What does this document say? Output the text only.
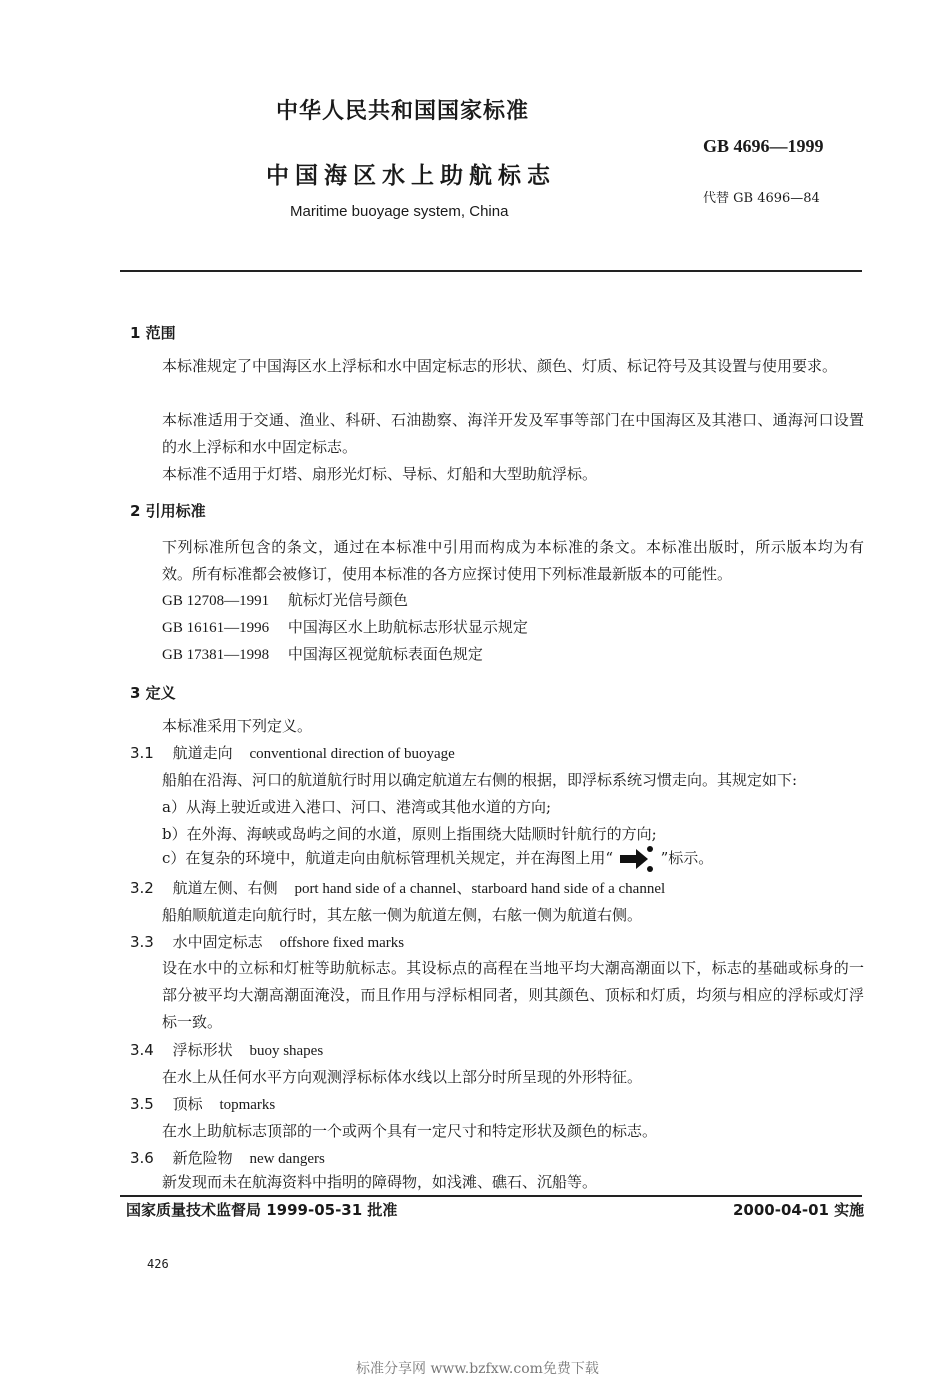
中华人民共和国国家标准
GB 4696—1999
中国海区水上助航标志
代替 GB 4696—84
Maritime buoyage system, China
1 范围
本标准规定了中国海区水上浮标和水中固定标志的形状、颜色、灯质、标记符号及其设置与使用要求。
本标准适用于交通、渔业、科研、石油勘察、海洋开发及军事等部门在中国海区及其港口、通海河口设置的水上浮标和水中固定标志。
本标准不适用于灯塔、扇形光灯标、导标、灯船和大型助航浮标。
2 引用标准
下列标准所包含的条文，通过在本标准中引用而构成为本标准的条文。本标准出版时，所示版本均为有效。所有标准都会被修订，使用本标准的各方应探讨使用下列标准最新版本的可能性。
GB 12708—1991 航标灯光信号颜色
GB 16161—1996 中国海区水上助航标志形状显示规定
GB 17381—1998 中国海区视觉航标表面色规定
3 定义
本标准采用下列定义。
3.1 航道走向 conventional direction of buoyage
船舶在沿海、河口的航道航行时用以确定航道左右侧的根据，即浮标系统习惯走向。其规定如下:
a）从海上驶近或进入港口、河口、港湾或其他水道的方向;
b）在外海、海峡或岛屿之间的水道，原则上指围绕大陆顺时针航行的方向;
c）在复杂的环境中，航道走向由航标管理机关规定，并在海图上用“	”标示。
3.2 航道左侧、右侧 port hand side of a channel、starboard hand side of a channel
船舶顺航道走向航行时，其左舷一侧为航道左侧，右舷一侧为航道右侧。
3.3 水中固定标志 offshore fixed marks
设在水中的立标和灯桩等助航标志。其设标点的高程在当地平均大潮高潮面以下，标志的基础或标身的一部分被平均大潮高潮面淹没，而且作用与浮标相同者，则其颜色、顶标和灯质，均须与相应的浮标或灯浮标一致。
3.4 浮标形状 buoy shapes
在水上从任何水平方向观测浮标标体水线以上部分时所呈现的外形特征。
3.5 顶标 topmarks
在水上助航标志顶部的一个或两个具有一定尺寸和特定形状及颜色的标志。
3.6 新危险物 new dangers
新发现而未在航海资料中指明的障碍物，如浅滩、礁石、沉船等。
国家质量技术监督局 1999-05-31 批准	2000-04-01 实施
426
标准分享网 www.bzfxw.com免费下载
